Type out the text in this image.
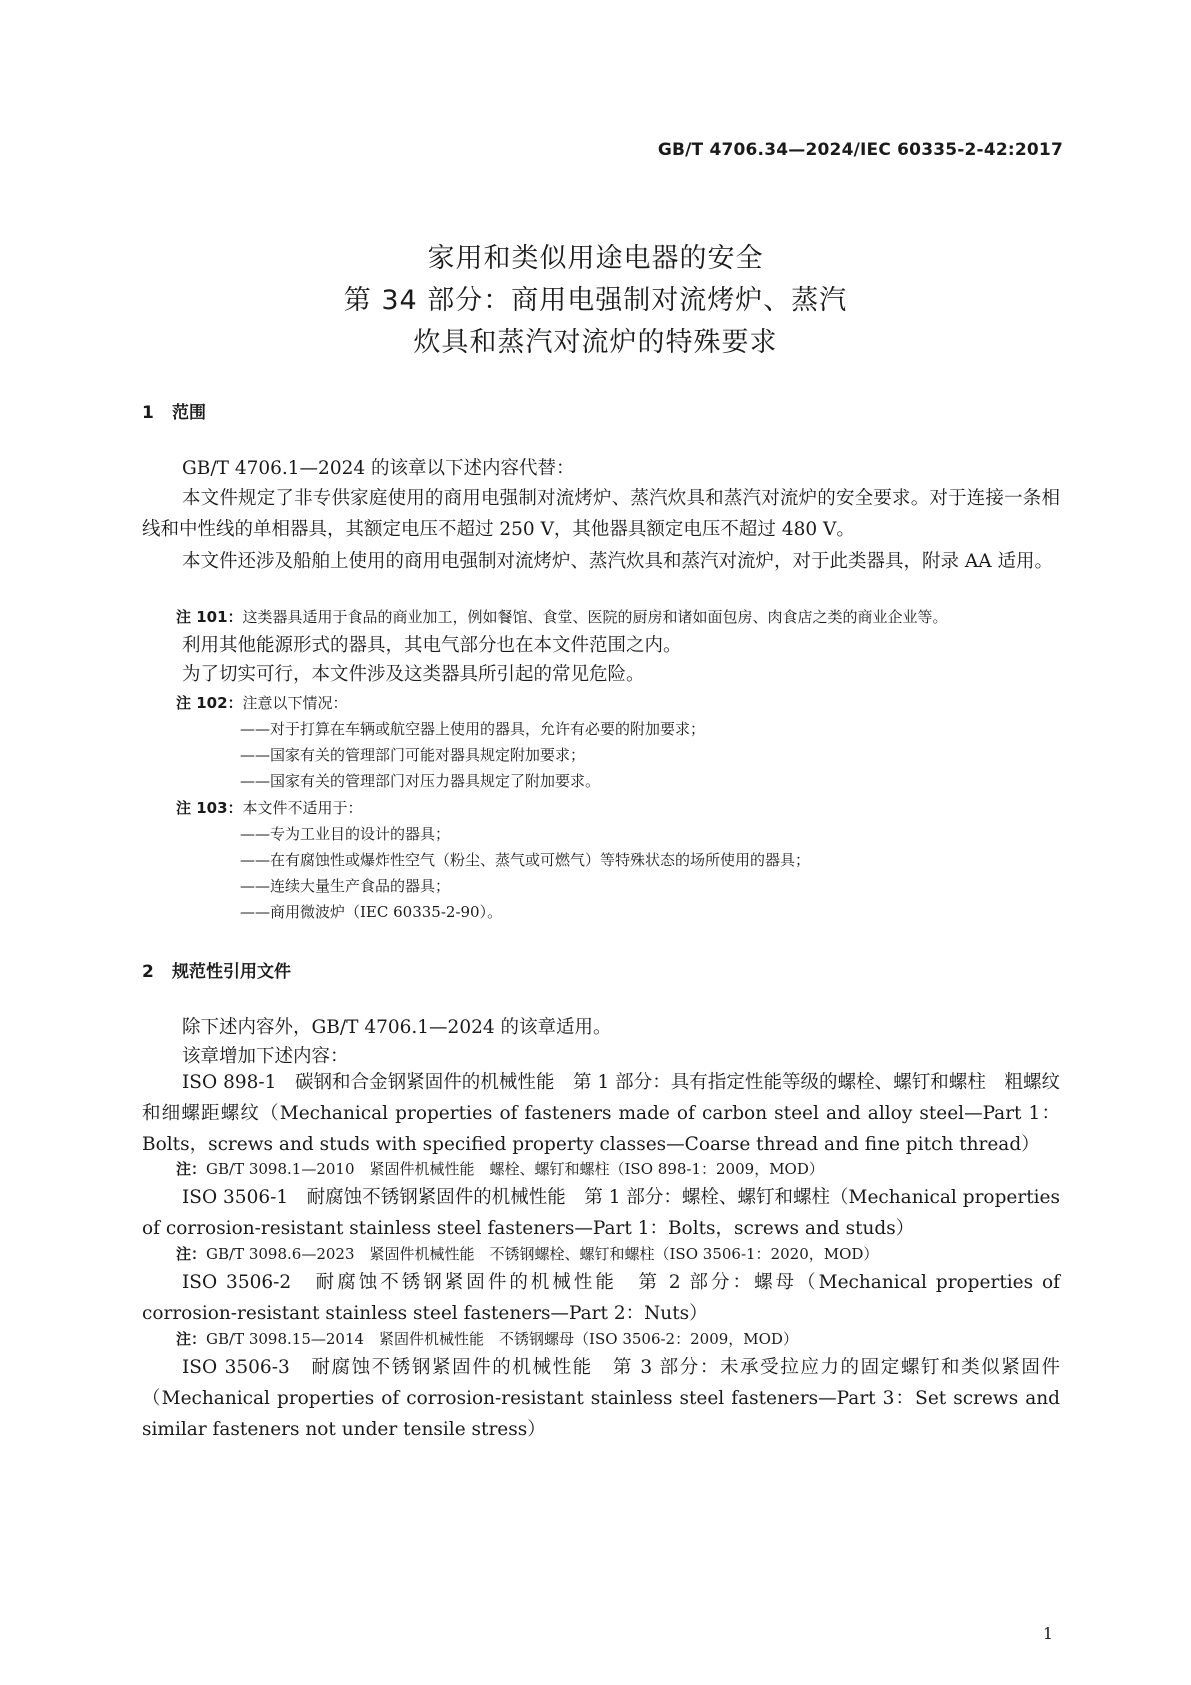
GB/T 4706.34—2024/IEC 60335-2-42:2017
家用和类似用途电器的安全
第 34 部分：商用电强制对流烤炉、蒸汽
炊具和蒸汽对流炉的特殊要求
1 范围
GB/T 4706.1—2024 的该章以下述内容代替：

本文件规定了非专供家庭使用的商用电强制对流烤炉、蒸汽炊具和蒸汽对流炉的安全要求。对于连接一条相线和中性线的单相器具，其额定电压不超过 250 V，其他器具额定电压不超过 480 V。

本文件还涉及船舶上使用的商用电强制对流烤炉、蒸汽炊具和蒸汽对流炉，对于此类器具，附录 AA 适用。

注 101：这类器具适用于食品的商业加工，例如餐馆、食堂、医院的厨房和诸如面包房、肉食店之类的商业企业等。
利用其他能源形式的器具，其电气部分也在本文件范围之内。
为了切实可行，本文件涉及这类器具所引起的常见危险。
注 102：注意以下情况：
——对于打算在车辆或航空器上使用的器具，允许有必要的附加要求；
——国家有关的管理部门可能对器具规定附加要求；
——国家有关的管理部门对压力器具规定了附加要求。
注 103：本文件不适用于：
——专为工业目的设计的器具；
——在有腐蚀性或爆炸性空气（粉尘、蒸气或可燃气）等特殊状态的场所使用的器具；
——连续大量生产食品的器具；
——商用微波炉（IEC 60335-2-90）。
2 规范性引用文件
除下述内容外，GB/T 4706.1—2024 的该章适用。
该章增加下述内容：

ISO 898-1　碳钢和合金钢紧固件的机械性能　第 1 部分：具有指定性能等级的螺栓、螺钉和螺柱　粗螺纹和细螺距螺纹（Mechanical properties of fasteners made of carbon steel and alloy steel—Part 1：Bolts，screws and studs with specified property classes—Coarse thread and fine pitch thread）

注：GB/T 3098.1—2010　紧固件机械性能　螺栓、螺钉和螺柱（ISO 898-1：2009，MOD）

ISO 3506-1　耐腐蚀不锈钢紧固件的机械性能　第 1 部分：螺栓、螺钉和螺柱（Mechanical properties of corrosion-resistant stainless steel fasteners—Part 1：Bolts，screws and studs）

注：GB/T 3098.6—2023　紧固件机械性能　不锈钢螺栓、螺钉和螺柱（ISO 3506-1：2020，MOD）

ISO 3506-2　耐腐蚀不锈钢紧固件的机械性能　第 2 部分：螺母（Mechanical properties of corrosion-resistant stainless steel fasteners—Part 2：Nuts）

注：GB/T 3098.15—2014　紧固件机械性能　不锈钢螺母（ISO 3506-2：2009，MOD）

ISO 3506-3　耐腐蚀不锈钢紧固件的机械性能　第 3 部分：未承受拉应力的固定螺钉和类似紧固件（Mechanical properties of corrosion-resistant stainless steel fasteners—Part 3：Set screws and similar fasteners not under tensile stress）

1
